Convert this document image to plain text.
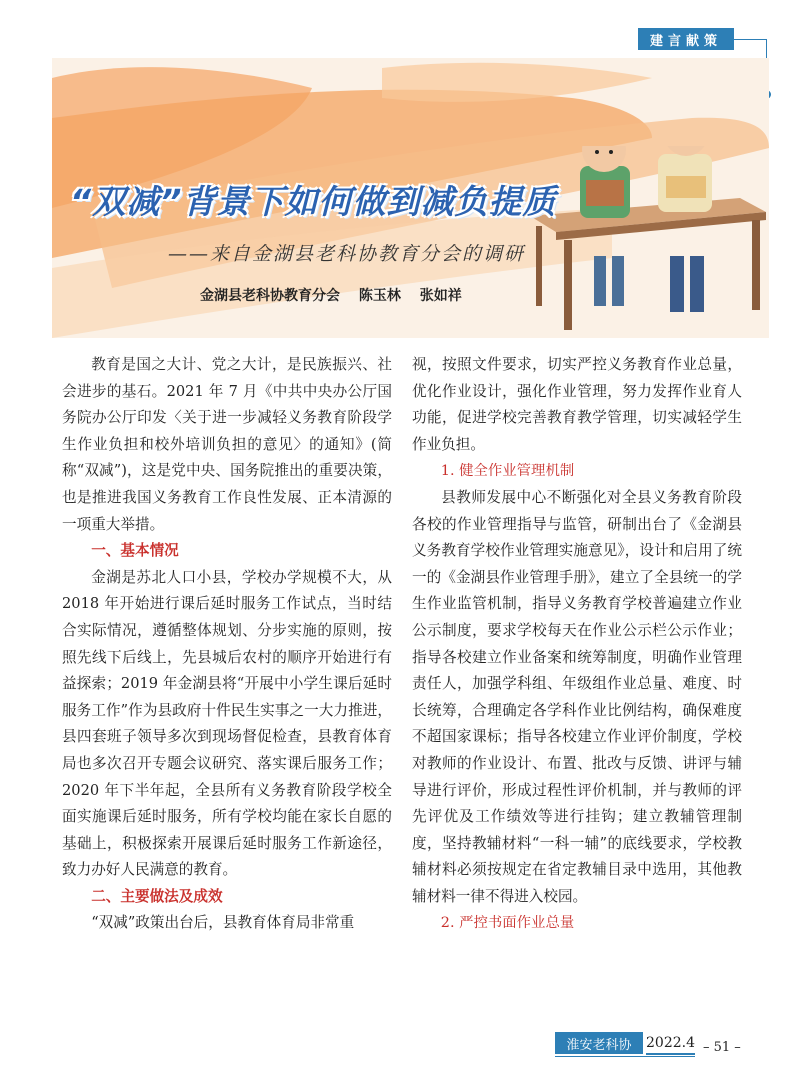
建言献策
“双减”背景下如何做到减负提质
——来自金湖县老科协教育分会的调研
金湖县老科协教育分会 陈玉林 张如祥

教育是国之大计、党之大计，是民族振兴、社会进步的基石。2021 年 7 月《中共中央办公厅国务院办公厅印发〈关于进一步减轻义务教育阶段学生作业负担和校外培训负担的意见〉的通知》(简称“双减”)，这是党中央、国务院推出的重要决策，也是推进我国义务教育工作良性发展、正本清源的一项重大举措。

一、基本情况

金湖是苏北人口小县，学校办学规模不大，从 2018 年开始进行课后延时服务工作试点，当时结合实际情况，遵循整体规划、分步实施的原则，按照先线下后线上，先县城后农村的顺序开始进行有益探索；2019 年金湖县将“开展中小学生课后延时服务工作”作为县政府十件民生实事之一大力推进，县四套班子领导多次到现场督促检查，县教育体育局也多次召开专题会议研究、落实课后服务工作；2020 年下半年起，全县所有义务教育阶段学校全面实施课后延时服务，所有学校均能在家长自愿的基础上，积极探索开展课后延时服务工作新途径，致力办好人民满意的教育。

二、主要做法及成效

“双减”政策出台后，县教育体育局非常重

视，按照文件要求，切实严控义务教育作业总量，优化作业设计，强化作业管理，努力发挥作业育人功能，促进学校完善教育教学管理，切实减轻学生作业负担。

1. 健全作业管理机制

县教师发展中心不断强化对全县义务教育阶段各校的作业管理指导与监管，研制出台了《金湖县义务教育学校作业管理实施意见》，设计和启用了统一的《金湖县作业管理手册》，建立了全县统一的学生作业监管机制，指导义务教育学校普遍建立作业公示制度，要求学校每天在作业公示栏公示作业；指导各校建立作业备案和统筹制度，明确作业管理责任人，加强学科组、年级组作业总量、难度、时长统筹，合理确定各学科作业比例结构，确保难度不超国家课标；指导各校建立作业评价制度，学校对教师的作业设计、布置、批改与反馈、讲评与辅导进行评价，形成过程性评价机制，并与教师的评先评优及工作绩效等进行挂钩；建立教辅管理制度，坚持教辅材料“一科一辅”的底线要求，学校教辅材料必须按规定在省定教辅目录中选用，其他教辅材料一律不得进入校园。

2. 严控书面作业总量
淮安老科协	2022.4 – 51 –
